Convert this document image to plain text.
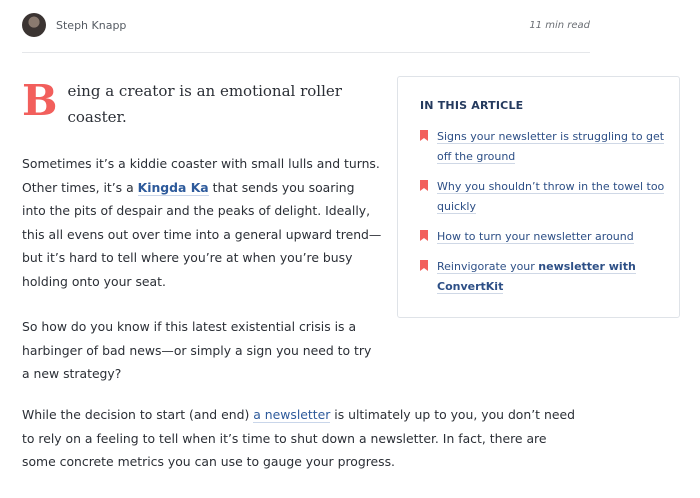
Steph Knapp	11 min read
B eing a creator is an emotional roller coaster.
Sometimes it’s a kiddie coaster with small lulls and turns. Other times, it’s a Kingda Ka that sends you soaring into the pits of despair and the peaks of delight. Ideally, this all evens out over time into a general upward trend—but it’s hard to tell where you’re at when you’re busy holding onto your seat.
So how do you know if this latest existential crisis is a harbinger of bad news—or simply a sign you need to try a new strategy?
While the decision to start (and end) a newsletter is ultimately up to you, you don’t need to rely on a feeling to tell when it’s time to shut down a newsletter. In fact, there are some concrete metrics you can use to gauge your progress.
IN THIS ARTICLE
Signs your newsletter is struggling to get off the ground
Why you shouldn’t throw in the towel too quickly
How to turn your newsletter around
Reinvigorate your newsletter with ConvertKit
